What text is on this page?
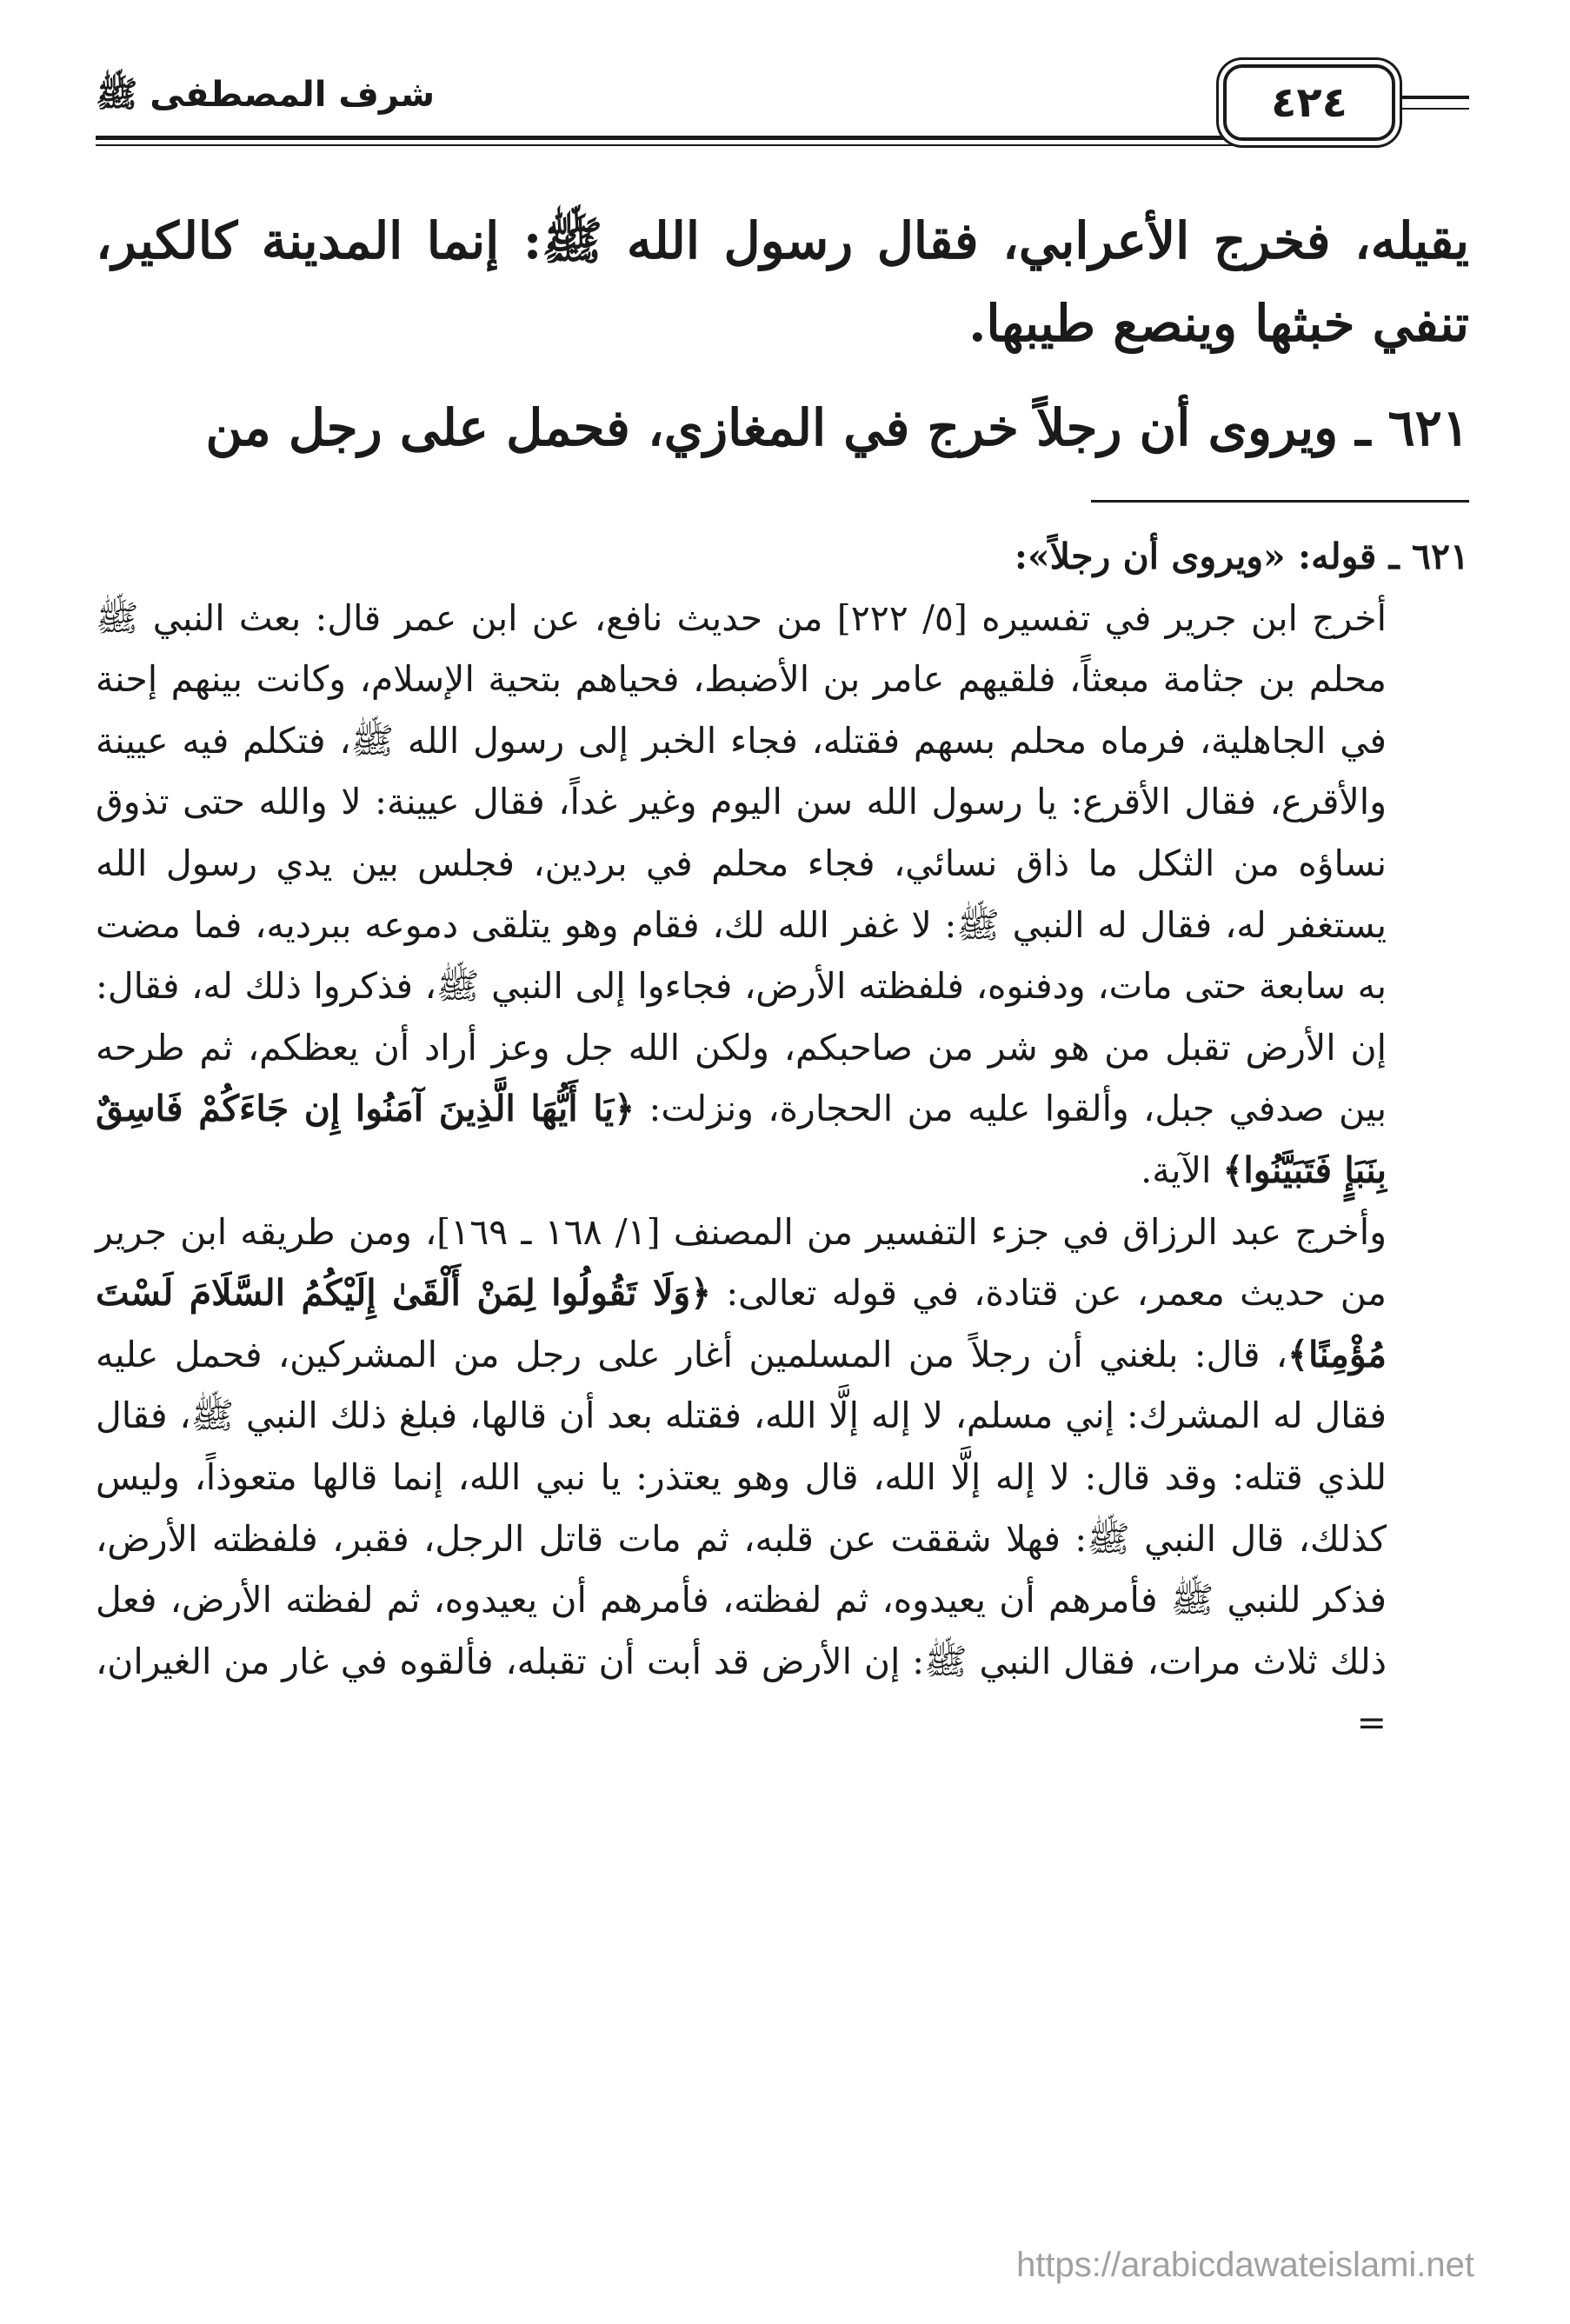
شرف المصطفى ﷺ	٤٢٤

يقيله، فخرج الأعرابي، فقال رسول الله ﷺ: إنما المدينة كالكير، تنفي خبثها وينصع طيبها.

٦٢١ ـ ويروى أن رجلاً خرج في المغازي، فحمل على رجل من

٦٢١ ـ قوله: «ويروى أن رجلاً»:

أخرج ابن جرير في تفسيره [٥/ ٢٢٢] من حديث نافع، عن ابن عمر قال: بعث النبي ﷺ محلم بن جثامة مبعثاً، فلقيهم عامر بن الأضبط، فحياهم بتحية الإسلام، وكانت بينهم إحنة في الجاهلية، فرماه محلم بسهم فقتله، فجاء الخبر إلى رسول الله ﷺ، فتكلم فيه عيينة والأقرع، فقال الأقرع: يا رسول الله سن اليوم وغير غداً، فقال عيينة: لا والله حتى تذوق نساؤه من الثكل ما ذاق نسائي، فجاء محلم في بردين، فجلس بين يدي رسول الله يستغفر له، فقال له النبي ﷺ: لا غفر الله لك، فقام وهو يتلقى دموعه ببرديه، فما مضت به سابعة حتى مات، ودفنوه، فلفظته الأرض، فجاءوا إلى النبي ﷺ، فذكروا ذلك له، فقال: إن الأرض تقبل من هو شر من صاحبكم، ولكن الله جل وعز أراد أن يعظكم، ثم طرحه بين صدفي جبل، وألقوا عليه من الحجارة، ونزلت: ﴿يَا أَيُّهَا الَّذِينَ آمَنُوا إِن جَاءَكُمْ فَاسِقٌ بِنَبَإٍ فَتَبَيَّنُوا﴾ الآية.

وأخرج عبد الرزاق في جزء التفسير من المصنف [١/ ١٦٨ ـ ١٦٩]، ومن طريقه ابن جرير من حديث معمر، عن قتادة، في قوله تعالى: ﴿وَلَا تَقُولُوا لِمَنْ أَلْقَىٰ إِلَيْكُمُ السَّلَامَ لَسْتَ مُؤْمِنًا﴾، قال: بلغني أن رجلاً من المسلمين أغار على رجل من المشركين، فحمل عليه فقال له المشرك: إني مسلم، لا إله إلَّا الله، فقتله بعد أن قالها، فبلغ ذلك النبي ﷺ، فقال للذي قتله: وقد قال: لا إله إلَّا الله، قال وهو يعتذر: يا نبي الله، إنما قالها متعوذاً، وليس كذلك، قال النبي ﷺ: فهلا شققت عن قلبه، ثم مات قاتل الرجل، فقبر، فلفظته الأرض، فذكر للنبي ﷺ فأمرهم أن يعيدوه، ثم لفظته، فأمرهم أن يعيدوه، ثم لفظته الأرض، فعل ذلك ثلاث مرات، فقال النبي ﷺ: إن الأرض قد أبت أن تقبله، فألقوه في غار من الغيران، =

https://arabicdawateislami.net
